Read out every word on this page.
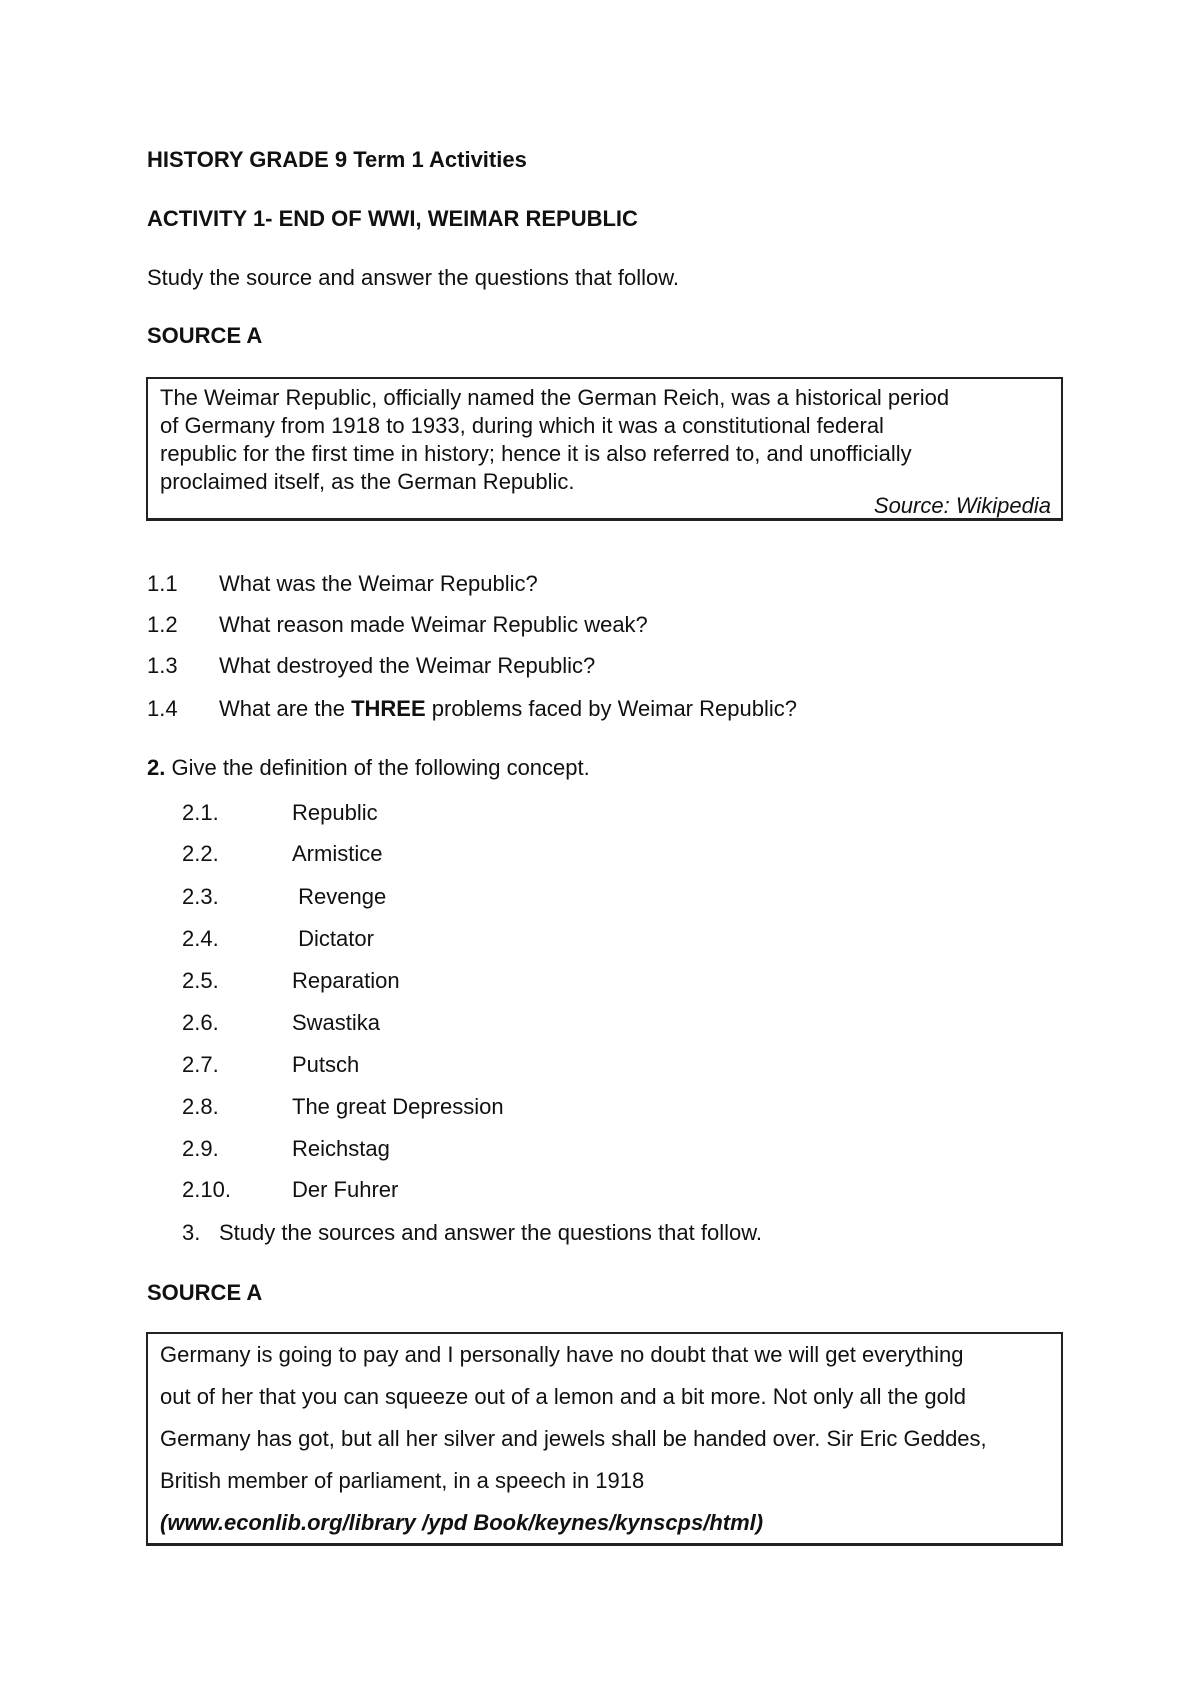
HISTORY GRADE 9 Term 1 Activities
ACTIVITY 1- END OF WWI, WEIMAR REPUBLIC
Study the source and answer the questions that follow.
SOURCE A
The Weimar Republic, officially named the German Reich, was a historical period
of Germany from 1918 to 1933, during which it was a constitutional federal
republic for the first time in history; hence it is also referred to, and unofficially
proclaimed itself, as the German Republic.
Source: Wikipedia
1.1 What was the Weimar Republic?
1.2 What reason made Weimar Republic weak?
1.3 What destroyed the Weimar Republic?
1.4 What are the THREE problems faced by Weimar Republic?
2. Give the definition of the following concept.
2.1.	Republic
2.2.	Armistice
2.3.	Revenge
2.4.	Dictator
2.5.	Reparation
2.6.	Swastika
2.7.	Putsch
2.8.	The great Depression
2.9.	Reichstag
2.10.	Der Fuhrer
3. Study the sources and answer the questions that follow.
SOURCE A
Germany is going to pay and I personally have no doubt that we will get everything
out of her that you can squeeze out of a lemon and a bit more. Not only all the gold
Germany has got, but all her silver and jewels shall be handed over. Sir Eric Geddes,
British member of parliament, in a speech in 1918
(www.econlib.org/library /ypd Book/keynes/kynscps/html)
